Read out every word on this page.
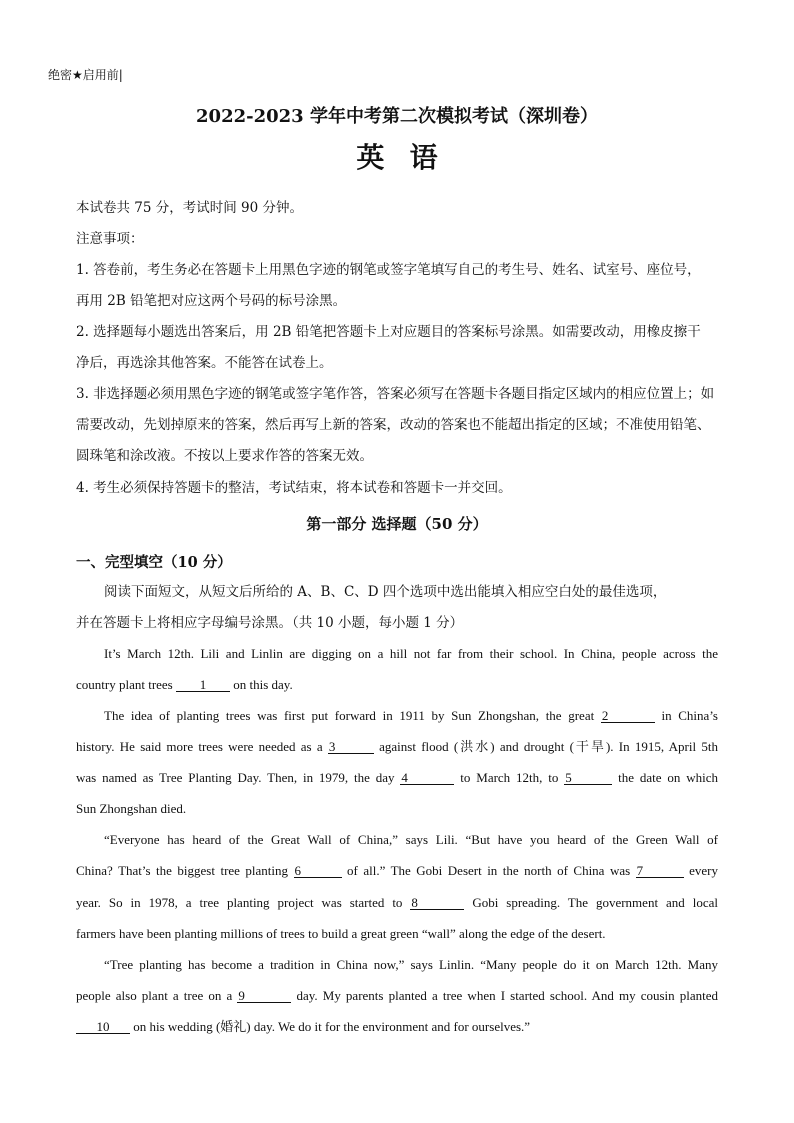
绝密★启用前|
2022-2023 学年中考第二次模拟考试（深圳卷）
英语
本试卷共 75 分，考试时间 90 分钟。
注意事项：
1. 答卷前，考生务必在答题卡上用黑色字迹的钢笔或签字笔填写自己的考生号、姓名、试室号、座位号，
再用 2B 铅笔把对应这两个号码的标号涂黑。
2. 选择题每小题选出答案后，用 2B 铅笔把答题卡上对应题目的答案标号涂黑。如需要改动，用橡皮擦干
净后，再选涂其他答案。不能答在试卷上。
3. 非选择题必须用黑色字迹的钢笔或签字笔作答，答案必须写在答题卡各题目指定区域内的相应位置上；如
需要改动，先划掉原来的答案，然后再写上新的答案，改动的答案也不能超出指定的区域；不准使用铅笔、
圆珠笔和涂改液。不按以上要求作答的答案无效。
4. 考生必须保持答题卡的整洁，考试结束，将本试卷和答题卡一并交回。
第一部分 选择题（50 分）
一、完型填空（10 分）
阅读下面短文，从短文后所给的 A、B、C、D 四个选项中选出能填入相应空白处的最佳选项，
并在答题卡上将相应字母编号涂黑。（共 10 小题，每小题 1 分）
It’s March 12th. Lili and Linlin are digging on a hill not far from their school. In China, people across the
country plant trees 1 on this day.
The idea of planting trees was first put forward in 1911 by Sun Zhongshan, the great 2	in China’s
history. He said more trees were needed as a 3	against flood (洪水) and drought (干旱). In 1915, April 5th
was named as Tree Planting Day. Then, in 1979, the day 4	to March 12th, to 5	the date on which
Sun Zhongshan died.
“Everyone has heard of the Great Wall of China,” says Lili. “But have you heard of the Green Wall of
China? That’s the biggest tree planting 6	of all.” The Gobi Desert in the north of China was 7	every
year. So in 1978, a tree planting project was started to 8	Gobi spreading. The government and local
farmers have been planting millions of trees to build a great green “wall” along the edge of the desert.
“Tree planting has become a tradition in China now,” says Linlin. “Many people do it on March 12th. Many
people also plant a tree on a 9	day. My parents planted a tree when I started school. And my cousin planted
10 on his wedding (婚礼) day. We do it for the environment and for ourselves.”
